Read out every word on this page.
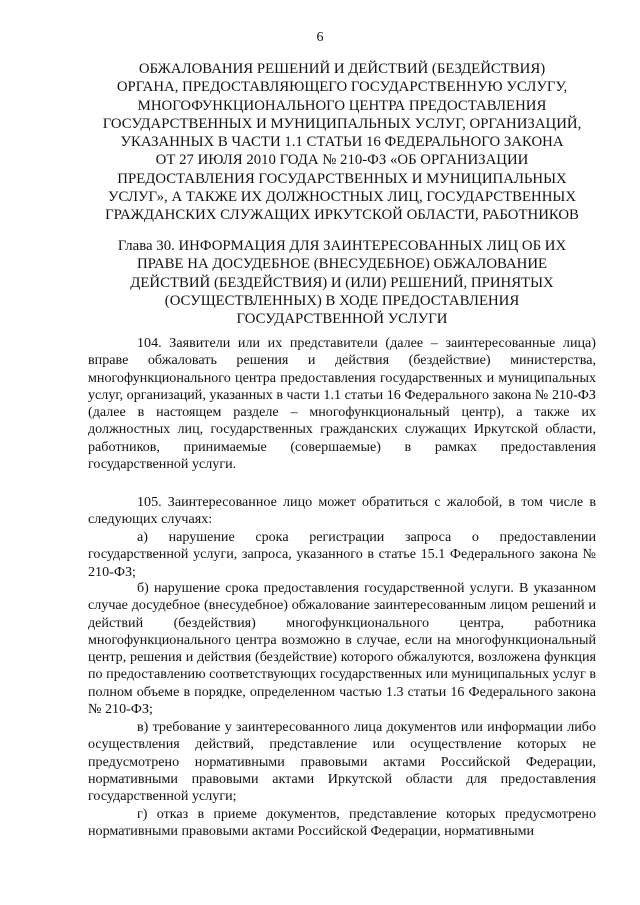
6
ОБЖАЛОВАНИЯ РЕШЕНИЙ И ДЕЙСТВИЙ (БЕЗДЕЙСТВИЯ)
ОРГАНА, ПРЕДОСТАВЛЯЮЩЕГО ГОСУДАРСТВЕННУЮ УСЛУГУ,
МНОГОФУНКЦИОНАЛЬНОГО ЦЕНТРА ПРЕДОСТАВЛЕНИЯ
ГОСУДАРСТВЕННЫХ И МУНИЦИПАЛЬНЫХ УСЛУГ, ОРГАНИЗАЦИЙ,
УКАЗАННЫХ В ЧАСТИ 1.1 СТАТЬИ 16 ФЕДЕРАЛЬНОГО ЗАКОНА
ОТ 27 ИЮЛЯ 2010 ГОДА № 210-ФЗ «ОБ ОРГАНИЗАЦИИ
ПРЕДОСТАВЛЕНИЯ ГОСУДАРСТВЕННЫХ И МУНИЦИПАЛЬНЫХ
УСЛУГ», А ТАКЖЕ ИХ ДОЛЖНОСТНЫХ ЛИЦ, ГОСУДАРСТВЕННЫХ
ГРАЖДАНСКИХ СЛУЖАЩИХ ИРКУТСКОЙ ОБЛАСТИ, РАБОТНИКОВ
Глава 30. ИНФОРМАЦИЯ ДЛЯ ЗАИНТЕРЕСОВАННЫХ ЛИЦ ОБ ИХ
ПРАВЕ НА ДОСУДЕБНОЕ (ВНЕСУДЕБНОЕ) ОБЖАЛОВАНИЕ
ДЕЙСТВИЙ (БЕЗДЕЙСТВИЯ) И (ИЛИ) РЕШЕНИЙ, ПРИНЯТЫХ
(ОСУЩЕСТВЛЕННЫХ) В ХОДЕ ПРЕДОСТАВЛЕНИЯ
ГОСУДАРСТВЕННОЙ УСЛУГИ

104. Заявители или их представители (далее – заинтересованные лица) вправе обжаловать решения и действия (бездействие) министерства, многофункционального центра предоставления государственных и муниципальных услуг, организаций, указанных в части 1.1 статьи 16 Федерального закона № 210-ФЗ (далее в настоящем разделе – многофункциональный центр), а также их должностных лиц, государственных гражданских служащих Иркутской области, работников, принимаемые (совершаемые) в рамках предоставления государственной услуги.

105. Заинтересованное лицо может обратиться с жалобой, в том числе в следующих случаях:

а) нарушение срока регистрации запроса о предоставлении государственной услуги, запроса, указанного в статье 15.1 Федерального закона № 210-ФЗ;

б) нарушение срока предоставления государственной услуги. В указанном случае досудебное (внесудебное) обжалование заинтересованным лицом решений и действий (бездействия) многофункционального центра, работника многофункционального центра возможно в случае, если на многофункциональный центр, решения и действия (бездействие) которого обжалуются, возложена функция по предоставлению соответствующих государственных или муниципальных услуг в полном объеме в порядке, определенном частью 1.3 статьи 16 Федерального закона № 210-ФЗ;

в) требование у заинтересованного лица документов или информации либо осуществления действий, представление или осуществление которых не предусмотрено нормативными правовыми актами Российской Федерации, нормативными правовыми актами Иркутской области для предоставления государственной услуги;

г) отказ в приеме документов, представление которых предусмотрено нормативными правовыми актами Российской Федерации, нормативными
